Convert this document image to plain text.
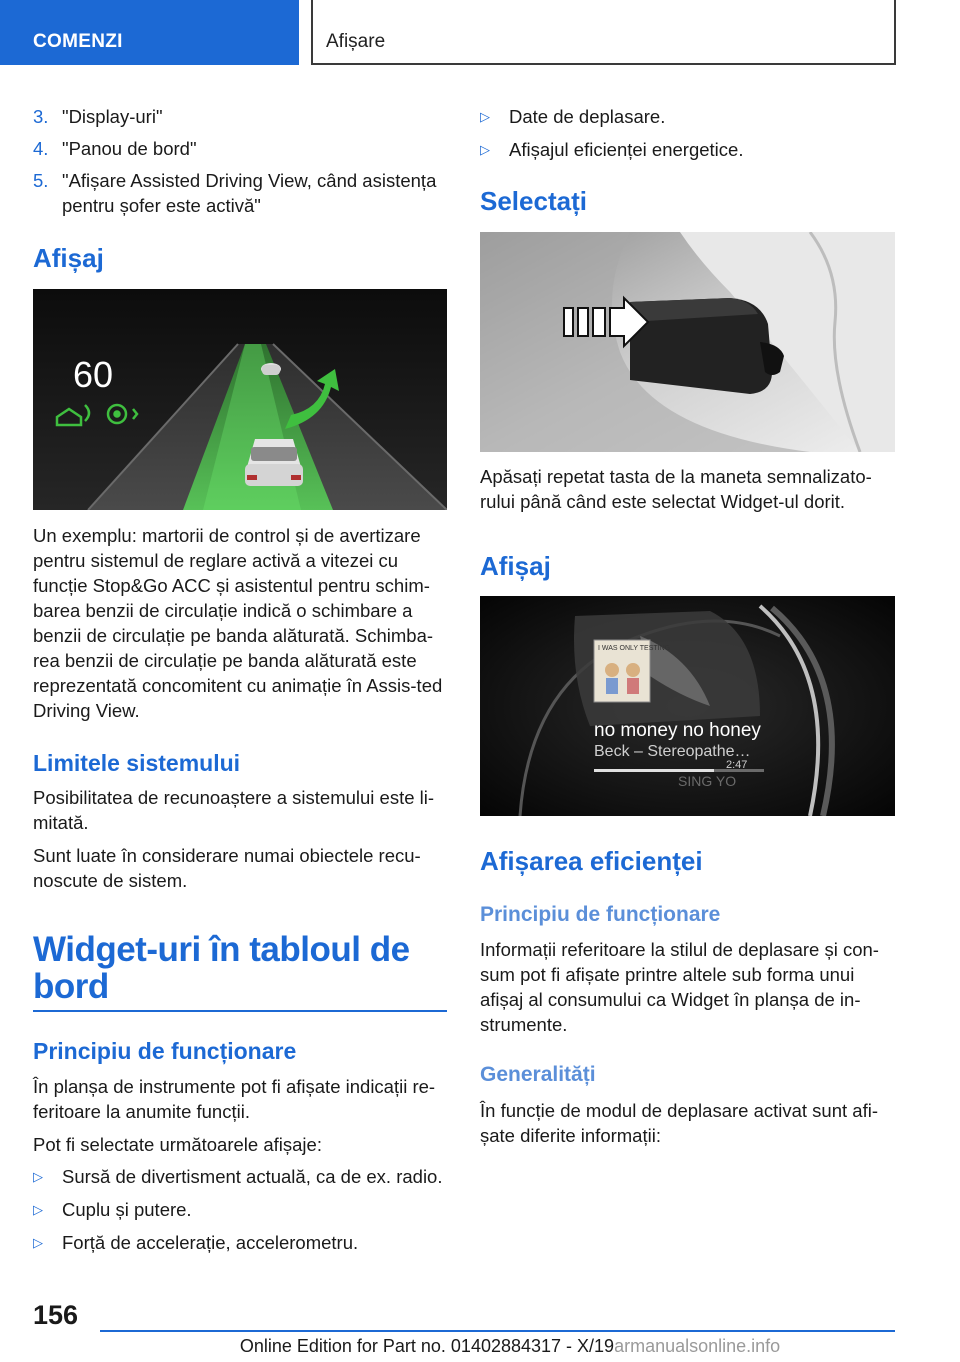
COMENZI	Afișare
3. "Display-uri"
4. "Panou de bord"
5. "Afișare Assisted Driving View, când asistența pentru șofer este activă"
Afișaj
60

Un exemplu: martorii de control și de avertizare pentru sistemul de reglare activă a vitezei cu funcție Stop&Go ACC și asistentul pentru schim-barea benzii de circulație indică o schimbare a benzii de circulație pe banda alăturată. Schimba-rea benzii de circulație pe banda alăturată este reprezentată concomitent cu animație în Assis-ted Driving View.

Limitele sistemului

Posibilitatea de recunoaștere a sistemului este li-mitată.

Sunt luate în considerare numai obiectele recu-noscute de sistem.

Widget-uri în tabloul de bord
Principiu de funcționare

În planșa de instrumente pot fi afișate indicații re-feritoare la anumite funcții.

Pot fi selectate următoarele afișaje:

▷	Sursă de divertisment actuală, ca de ex. radio.
▷	Cuplu și putere.
▷	Forță de accelerație, accelerometru.
▷	Date de deplasare.
▷	Afișajul eficienței energetice.
Selectați

Apăsați repetat tasta de la maneta semnalizato-rului până când este selectat Widget-ul dorit.

Afișaj
I WAS ONLY TESTING
no money no honey
Beck – Stereopathe…
2:47
SING YO
Afișarea eficienței
Principiu de funcționare

Informații referitoare la stilul de deplasare și con-sum pot fi afișate printre altele sub forma unui afișaj al consumului ca Widget în planșa de in-strumente.

Generalități

În funcție de modul de deplasare activat sunt afi-șate diferite informații:

156
Online Edition for Part no. 01402884317 - X/19armanualsonline.info
